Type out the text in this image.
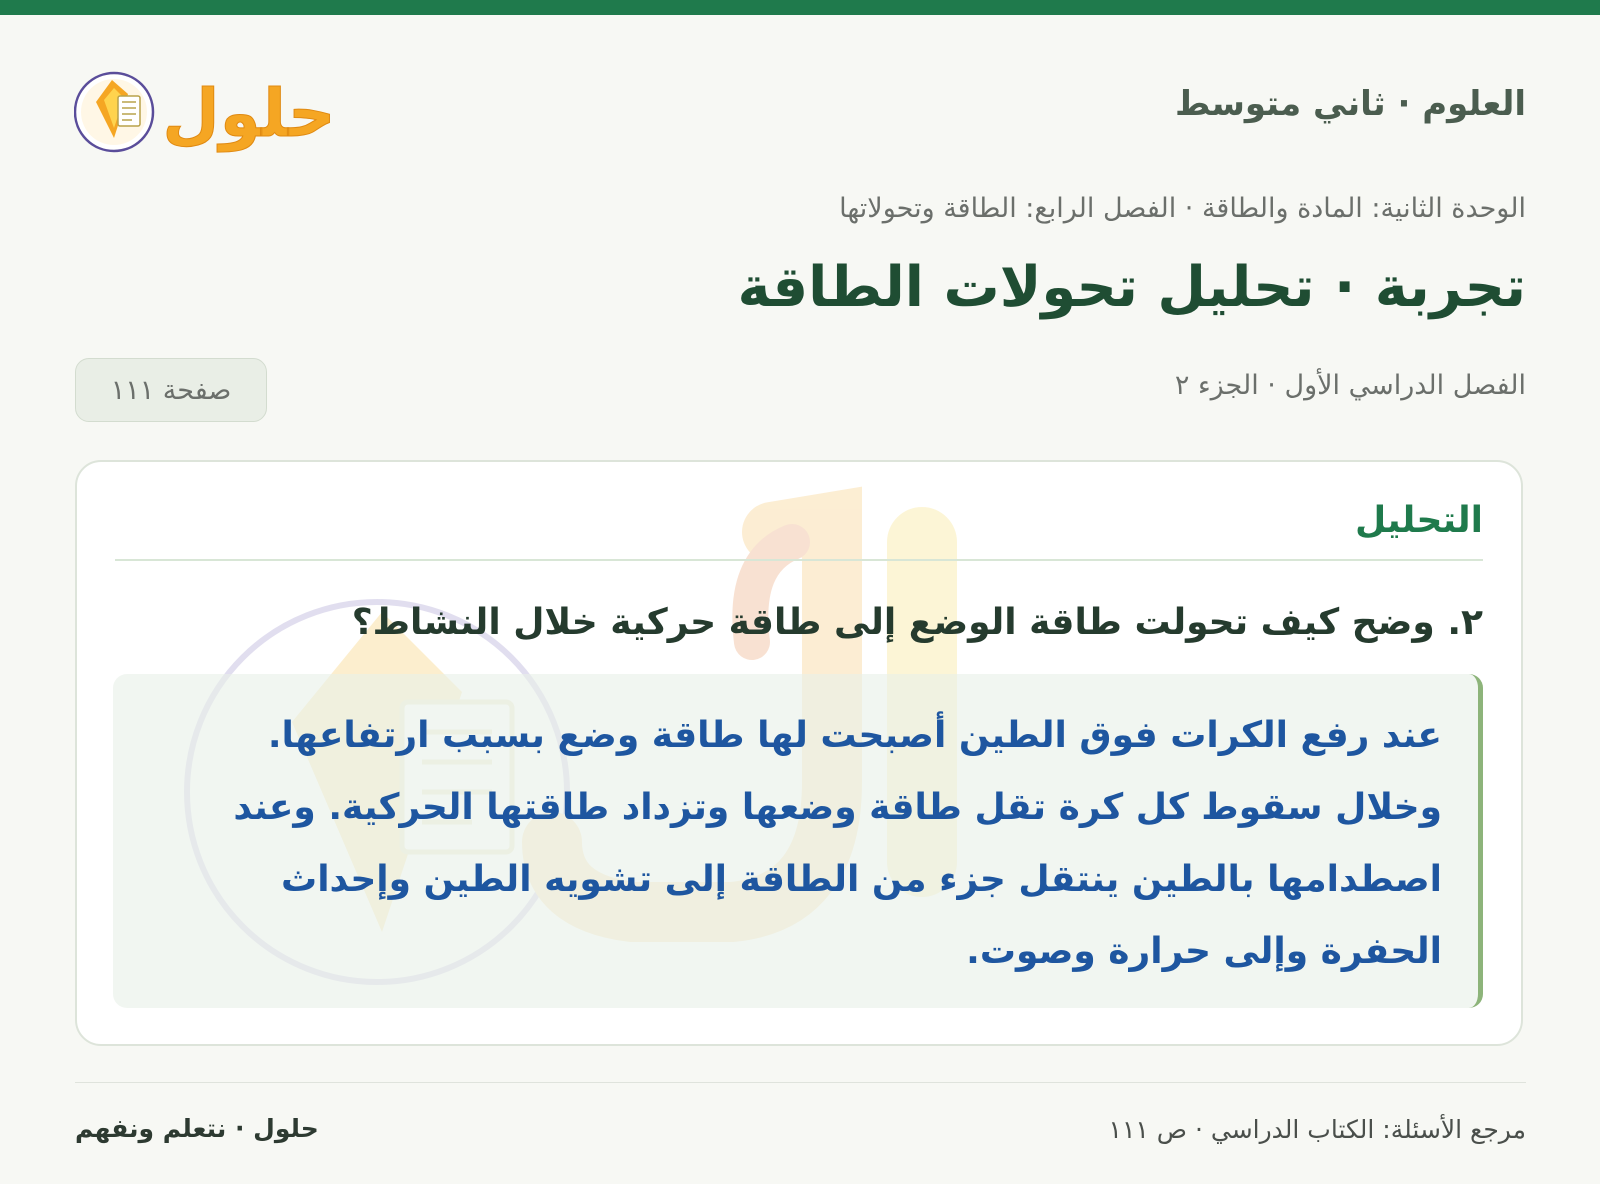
العلوم · ثاني متوسط
حلول
الوحدة الثانية: المادة والطاقة · الفصل الرابع: الطاقة وتحولاتها
تجربة · تحليل تحولات الطاقة
الفصل الدراسي الأول · الجزء ٢
صفحة ١١١
التحليل
٢. وضح كيف تحولت طاقة الوضع إلى طاقة حركية خلال النشاط؟
عند رفع الكرات فوق الطين أصبحت لها طاقة وضع بسبب ارتفاعها. وخلال سقوط كل كرة تقل طاقة وضعها وتزداد طاقتها الحركية. وعند اصطدامها بالطين ينتقل جزء من الطاقة إلى تشويه الطين وإحداث الحفرة وإلى حرارة وصوت.
مرجع الأسئلة: الكتاب الدراسي · ص ١١١
حلول · نتعلم ونفهم
